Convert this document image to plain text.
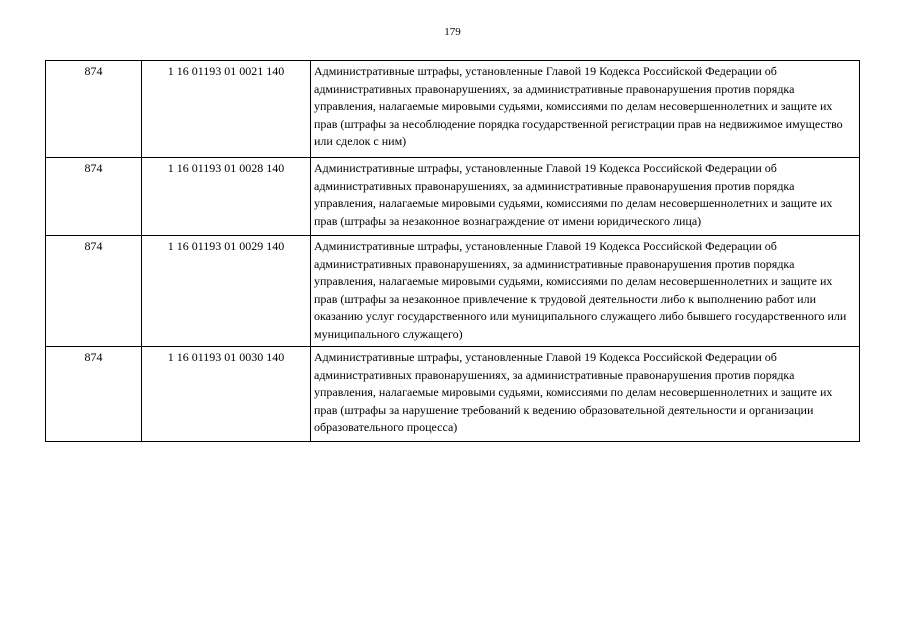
179
874	1 16 01193 01 0021 140	Административные штрафы, установленные Главой 19 Кодекса Российской Федерации об административных правонарушениях, за административные правонарушения против порядка управления, налагаемые мировыми судьями, комиссиями по делам несовершеннолетних и защите их прав (штрафы за несоблюдение порядка государственной регистрации прав на недвижимое имущество или сделок с ним)
874	1 16 01193 01 0028 140	Административные штрафы, установленные Главой 19 Кодекса Российской Федерации об административных правонарушениях, за административные правонарушения против порядка управления, налагаемые мировыми судьями, комиссиями по делам несовершеннолетних и защите их прав (штрафы за незаконное вознаграждение от имени юридического лица)
874	1 16 01193 01 0029 140	Административные штрафы, установленные Главой 19 Кодекса Российской Федерации об административных правонарушениях, за административные правонарушения против порядка управления, налагаемые мировыми судьями, комиссиями по делам несовершеннолетних и защите их прав (штрафы за незаконное привлечение к трудовой деятельности либо к выполнению работ или оказанию услуг государственного или муниципального служащего либо бывшего государственного или муниципального служащего)
874	1 16 01193 01 0030 140	Административные штрафы, установленные Главой 19 Кодекса Российской Федерации об административных правонарушениях, за административные правонарушения против порядка управления, налагаемые мировыми судьями, комиссиями по делам несовершеннолетних и защите их прав (штрафы за нарушение требований к ведению образовательной деятельности и организации образовательного процесса)
